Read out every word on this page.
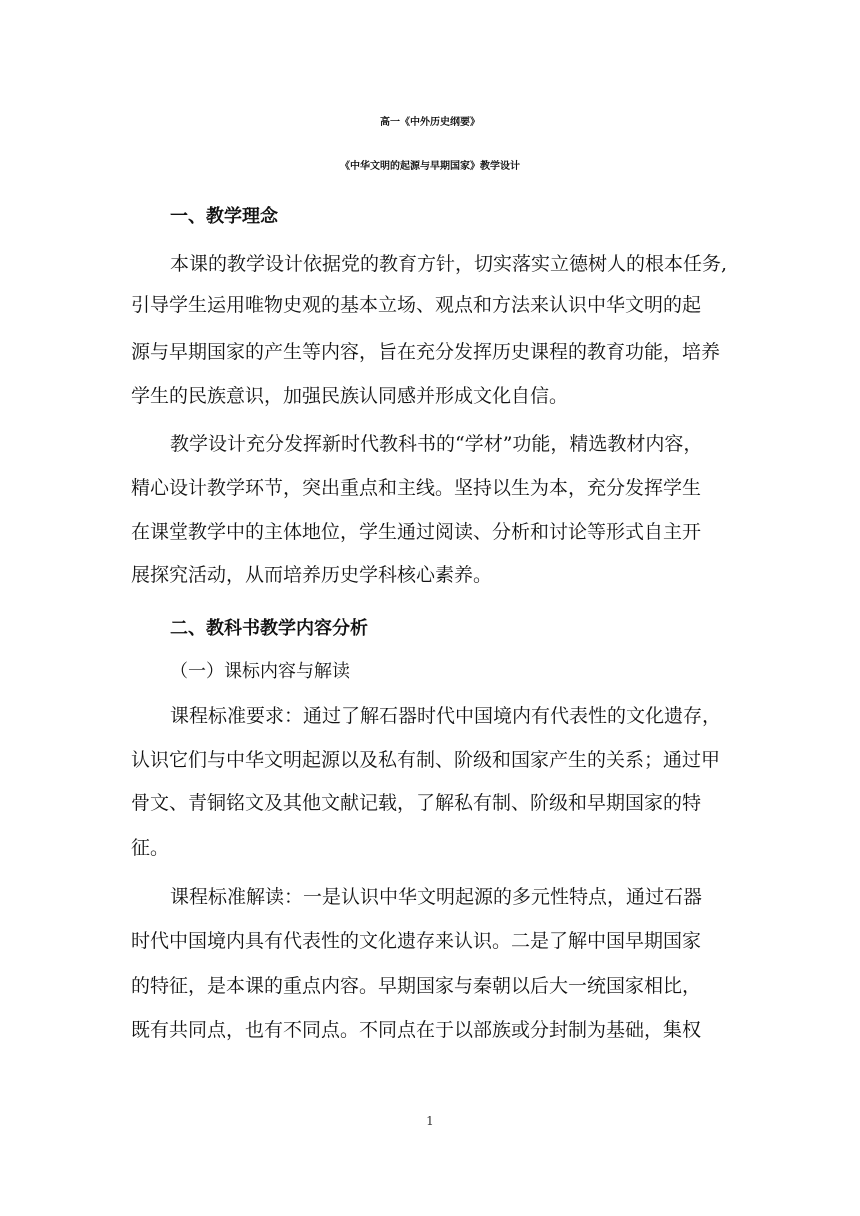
高一《中外历史纲要》
《中华文明的起源与早期国家》教学设计
一、教学理念
本课的教学设计依据党的教育方针，切实落实立德树人的根本任务,
引导学生运用唯物史观的基本立场、观点和方法来认识中华文明的起
源与早期国家的产生等内容，旨在充分发挥历史课程的教育功能，培养
学生的民族意识，加强民族认同感并形成文化自信。
教学设计充分发挥新时代教科书的“学材”功能，精选教材内容，
精心设计教学环节，突出重点和主线。坚持以生为本，充分发挥学生
在课堂教学中的主体地位，学生通过阅读、分析和讨论等形式自主开
展探究活动，从而培养历史学科核心素养。
二、教科书教学内容分析
（一）课标内容与解读
课程标准要求：通过了解石器时代中国境内有代表性的文化遗存，
认识它们与中华文明起源以及私有制、阶级和国家产生的关系；通过甲
骨文、青铜铭文及其他文献记载，了解私有制、阶级和早期国家的特
征。
课程标准解读：一是认识中华文明起源的多元性特点，通过石器
时代中国境内具有代表性的文化遗存来认识。二是了解中国早期国家
的特征，是本课的重点内容。早期国家与秦朝以后大一统国家相比，
既有共同点，也有不同点。不同点在于以部族或分封制为基础，集权
1
